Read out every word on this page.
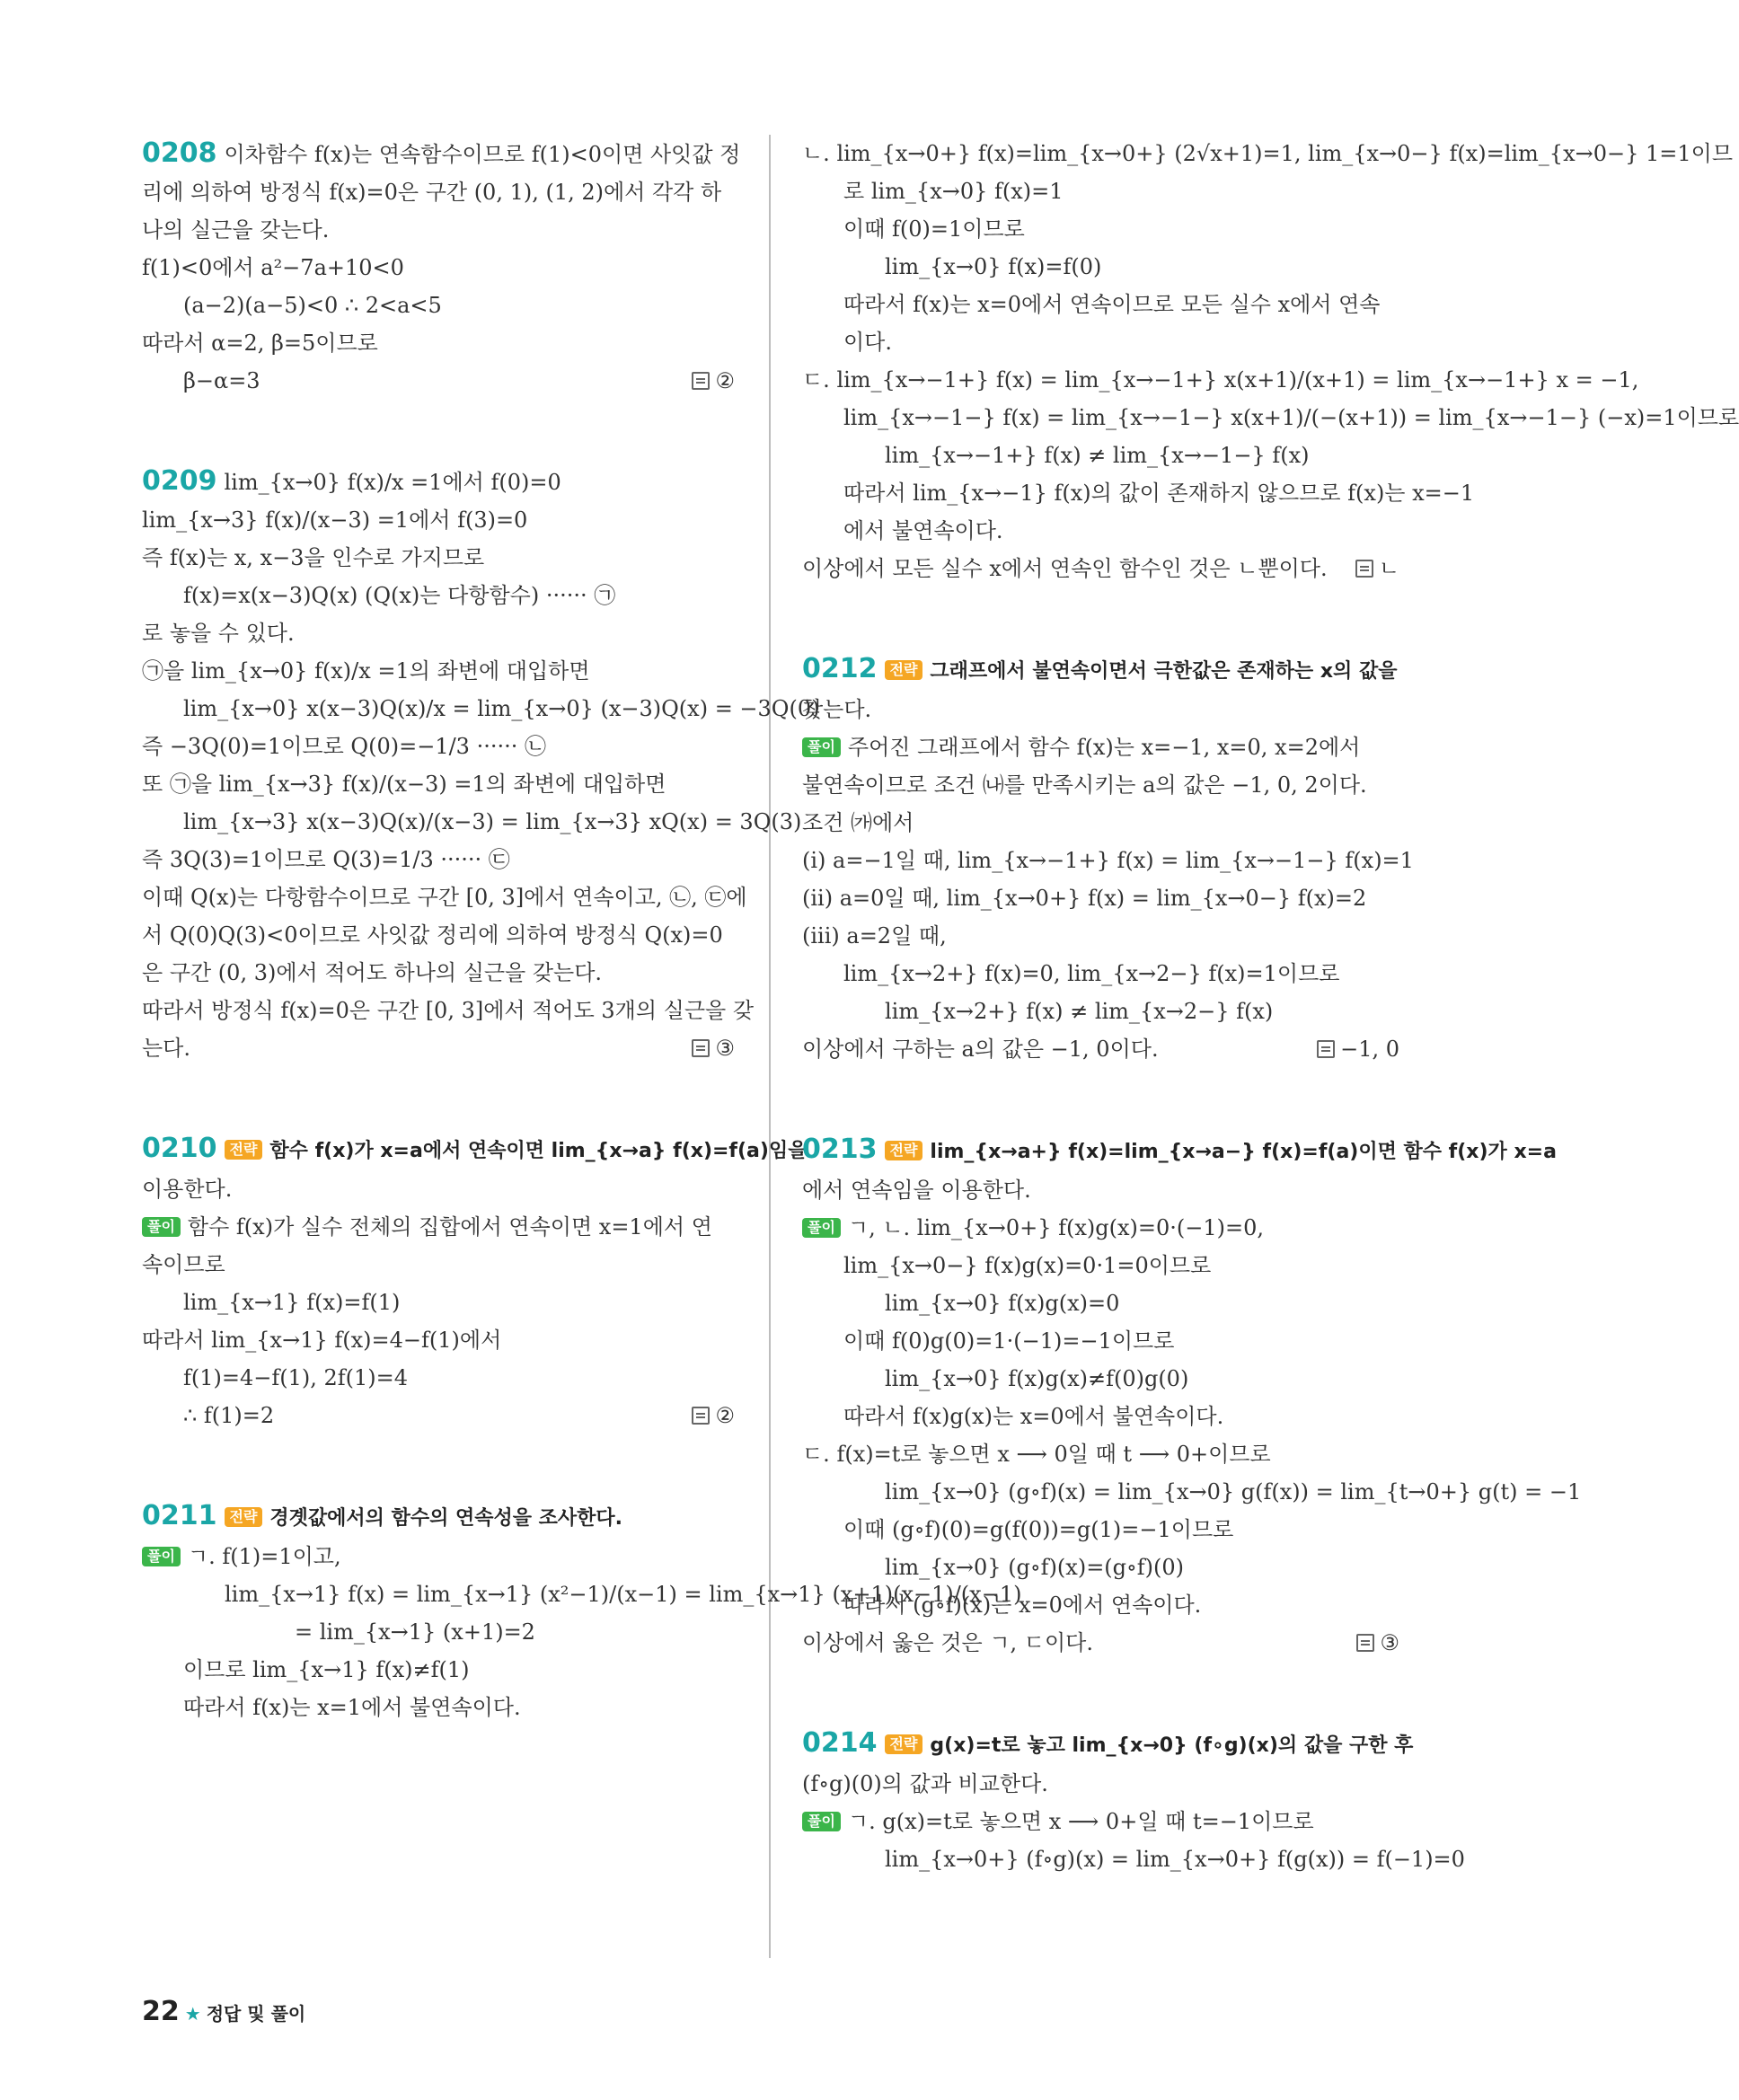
0208 이차함수 f(x)는 연속함수이므로 f(1)<0이면 사잇값 정
리에 의하여 방정식 f(x)=0은 구간 (0, 1), (1, 2)에서 각각 하
나의 실근을 갖는다.
f(1)<0에서 a²−7a+10<0
(a−2)(a−5)<0 ∴ 2<a<5
따라서 α=2, β=5이므로
β−α=3	②
0209 lim_{x→0} f(x)/x =1에서 f(0)=0
lim_{x→3} f(x)/(x−3) =1에서 f(3)=0
즉 f(x)는 x, x−3을 인수로 가지므로
f(x)=x(x−3)Q(x) (Q(x)는 다항함수) ······ ㉠
로 놓을 수 있다.
㉠을 lim_{x→0} f(x)/x =1의 좌변에 대입하면
lim_{x→0} x(x−3)Q(x)/x = lim_{x→0} (x−3)Q(x) = −3Q(0)
즉 −3Q(0)=1이므로 Q(0)=−1/3 ······ ㉡
또 ㉠을 lim_{x→3} f(x)/(x−3) =1의 좌변에 대입하면
lim_{x→3} x(x−3)Q(x)/(x−3) = lim_{x→3} xQ(x) = 3Q(3)
즉 3Q(3)=1이므로 Q(3)=1/3 ······ ㉢
이때 Q(x)는 다항함수이므로 구간 [0, 3]에서 연속이고, ㉡, ㉢에
서 Q(0)Q(3)<0이므로 사잇값 정리에 의하여 방정식 Q(x)=0
은 구간 (0, 3)에서 적어도 하나의 실근을 갖는다.
따라서 방정식 f(x)=0은 구간 [0, 3]에서 적어도 3개의 실근을 갖
는다.	③
0210 전략 함수 f(x)가 x=a에서 연속이면 lim_{x→a} f(x)=f(a)임을
이용한다.
풀이 함수 f(x)가 실수 전체의 집합에서 연속이면 x=1에서 연
속이므로
lim_{x→1} f(x)=f(1)
따라서 lim_{x→1} f(x)=4−f(1)에서
f(1)=4−f(1), 2f(1)=4
∴ f(1)=2	②
0211 전략 경곗값에서의 함수의 연속성을 조사한다.
풀이 ㄱ. f(1)=1이고,
lim_{x→1} f(x) = lim_{x→1} (x²−1)/(x−1) = lim_{x→1} (x+1)(x−1)/(x−1)
= lim_{x→1} (x+1)=2
이므로 lim_{x→1} f(x)≠f(1)
따라서 f(x)는 x=1에서 불연속이다.
ㄴ. lim_{x→0+} f(x)=lim_{x→0+} (2√x+1)=1, lim_{x→0−} f(x)=lim_{x→0−} 1=1이므
로 lim_{x→0} f(x)=1
이때 f(0)=1이므로
lim_{x→0} f(x)=f(0)
따라서 f(x)는 x=0에서 연속이므로 모든 실수 x에서 연속
이다.
ㄷ. lim_{x→−1+} f(x) = lim_{x→−1+} x(x+1)/(x+1) = lim_{x→−1+} x = −1,
lim_{x→−1−} f(x) = lim_{x→−1−} x(x+1)/(−(x+1)) = lim_{x→−1−} (−x)=1이므로
lim_{x→−1+} f(x) ≠ lim_{x→−1−} f(x)
따라서 lim_{x→−1} f(x)의 값이 존재하지 않으므로 f(x)는 x=−1
에서 불연속이다.
이상에서 모든 실수 x에서 연속인 함수인 것은 ㄴ뿐이다.	ㄴ
0212 전략 그래프에서 불연속이면서 극한값은 존재하는 x의 값을
찾는다.
풀이 주어진 그래프에서 함수 f(x)는 x=−1, x=0, x=2에서
불연속이므로 조건 ㈏를 만족시키는 a의 값은 −1, 0, 2이다.
조건 ㈎에서
(i) a=−1일 때, lim_{x→−1+} f(x) = lim_{x→−1−} f(x)=1
(ii) a=0일 때, lim_{x→0+} f(x) = lim_{x→0−} f(x)=2
(iii) a=2일 때,
lim_{x→2+} f(x)=0, lim_{x→2−} f(x)=1이므로
lim_{x→2+} f(x) ≠ lim_{x→2−} f(x)
이상에서 구하는 a의 값은 −1, 0이다.	−1, 0
0213 전략 lim_{x→a+} f(x)=lim_{x→a−} f(x)=f(a)이면 함수 f(x)가 x=a
에서 연속임을 이용한다.
풀이 ㄱ, ㄴ. lim_{x→0+} f(x)g(x)=0·(−1)=0,
lim_{x→0−} f(x)g(x)=0·1=0이므로
lim_{x→0} f(x)g(x)=0
이때 f(0)g(0)=1·(−1)=−1이므로
lim_{x→0} f(x)g(x)≠f(0)g(0)
따라서 f(x)g(x)는 x=0에서 불연속이다.
ㄷ. f(x)=t로 놓으면 x ⟶ 0일 때 t ⟶ 0+이므로
lim_{x→0} (g∘f)(x) = lim_{x→0} g(f(x)) = lim_{t→0+} g(t) = −1
이때 (g∘f)(0)=g(f(0))=g(1)=−1이므로
lim_{x→0} (g∘f)(x)=(g∘f)(0)
따라서 (g∘f)(x)는 x=0에서 연속이다.
이상에서 옳은 것은 ㄱ, ㄷ이다.	③
0214 전략 g(x)=t로 놓고 lim_{x→0} (f∘g)(x)의 값을 구한 후
(f∘g)(0)의 값과 비교한다.
풀이 ㄱ. g(x)=t로 놓으면 x ⟶ 0+일 때 t=−1이므로
lim_{x→0+} (f∘g)(x) = lim_{x→0+} f(g(x)) = f(−1)=0
22 ★ 정답 및 풀이
